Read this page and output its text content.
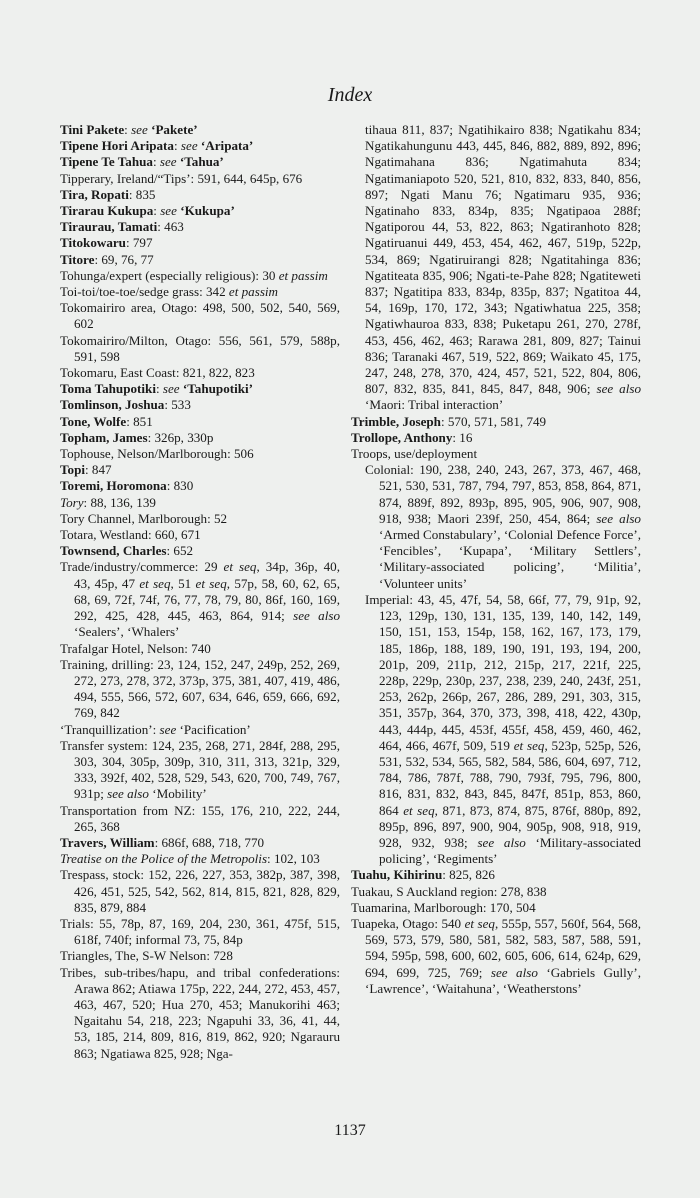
Index

Tini Pakete: see ‘Pakete’

Tipene Hori Aripata: see ‘Aripata’

Tipene Te Tahua: see ‘Tahua’

Tipperary, Ireland/“Tips’: 591, 644, 645p, 676

Tira, Ropati: 835

Tirarau Kukupa: see ‘Kukupa’

Tiraurau, Tamati: 463

Titokowaru: 797

Titore: 69, 76, 77

Tohunga/expert (especially religious): 30 et passim

Toi-toi/toe-toe/sedge grass: 342 et passim

Tokomairiro area, Otago: 498, 500, 502, 540, 569, 602

Tokomairiro/Milton, Otago: 556, 561, 579, 588p, 591, 598

Tokomaru, East Coast: 821, 822, 823

Toma Tahupotiki: see ‘Tahupotiki’

Tomlinson, Joshua: 533

Tone, Wolfe: 851

Topham, James: 326p, 330p

Tophouse, Nelson/Marlborough: 506

Topi: 847

Toremi, Horomona: 830

Tory: 88, 136, 139

Tory Channel, Marlborough: 52

Totara, Westland: 660, 671

Townsend, Charles: 652

Trade/industry/commerce: 29 et seq, 34p, 36p, 40, 43, 45p, 47 et seq, 51 et seq, 57p, 58, 60, 62, 65, 68, 69, 72f, 74f, 76, 77, 78, 79, 80, 86f, 160, 169, 292, 425, 428, 445, 463, 864, 914; see also ‘Sealers’, ‘Whalers’

Trafalgar Hotel, Nelson: 740

Training, drilling: 23, 124, 152, 247, 249p, 252, 269, 272, 273, 278, 372, 373p, 375, 381, 407, 419, 486, 494, 555, 566, 572, 607, 634, 646, 659, 666, 692, 769, 842

‘Tranquillization’: see ‘Pacification’

Transfer system: 124, 235, 268, 271, 284f, 288, 295, 303, 304, 305p, 309p, 310, 311, 313, 321p, 329, 333, 392f, 402, 528, 529, 543, 620, 700, 749, 767, 931p; see also ‘Mobility’

Transportation from NZ: 155, 176, 210, 222, 244, 265, 368

Travers, William: 686f, 688, 718, 770

Treatise on the Police of the Metropolis: 102, 103

Trespass, stock: 152, 226, 227, 353, 382p, 387, 398, 426, 451, 525, 542, 562, 814, 815, 821, 828, 829, 835, 879, 884

Trials: 55, 78p, 87, 169, 204, 230, 361, 475f, 515, 618f, 740f; informal 73, 75, 84p

Triangles, The, S-W Nelson: 728

Tribes, sub-tribes/hapu, and tribal confederations: Arawa 862; Atiawa 175p, 222, 244, 272, 453, 457, 463, 467, 520; Hua 270, 453; Manukorihi 463; Ngaitahu 54, 218, 223; Ngapuhi 33, 36, 41, 44, 53, 185, 214, 809, 816, 819, 862, 920; Ngarauru 863; Ngatiawa 825, 928; Nga-

tihaua 811, 837; Ngatihikairo 838; Ngatikahu 834; Ngatikahungunu 443, 445, 846, 882, 889, 892, 896; Ngatimahana 836; Ngatimahuta 834; Ngatimaniapoto 520, 521, 810, 832, 833, 840, 856, 897; Ngati Manu 76; Ngatimaru 935, 936; Ngatinaho 833, 834p, 835; Ngatipaoa 288f; Ngatiporou 44, 53, 822, 863; Ngatiranhoto 828; Ngatiruanui 449, 453, 454, 462, 467, 519p, 522p, 534, 869; Ngatiruirangi 828; Ngatitahinga 836; Ngatiteata 835, 906; Ngati-te-Pahe 828; Ngatiteweti 837; Ngatitipa 833, 834p, 835p, 837; Ngatitoa 44, 54, 169p, 170, 172, 343; Ngatiwhatua 225, 358; Ngatiwhauroa 833, 838; Puketapu 261, 270, 278f, 453, 456, 462, 463; Rarawa 281, 809, 827; Tainui 836; Taranaki 467, 519, 522, 869; Waikato 45, 175, 247, 248, 278, 370, 424, 457, 521, 522, 804, 806, 807, 832, 835, 841, 845, 847, 848, 906; see also ‘Maori: Tribal interaction’

Trimble, Joseph: 570, 571, 581, 749

Trollope, Anthony: 16

Troops, use/deployment

Colonial: 190, 238, 240, 243, 267, 373, 467, 468, 521, 530, 531, 787, 794, 797, 853, 858, 864, 871, 874, 889f, 892, 893p, 895, 905, 906, 907, 908, 918, 938; Maori 239f, 250, 454, 864; see also ‘Armed Constabulary’, ‘Colonial Defence Force’, ‘Fencibles’, ‘Kupapa’, ‘Military Settlers’, ‘Military-associated policing’, ‘Militia’, ‘Volunteer units’

Imperial: 43, 45, 47f, 54, 58, 66f, 77, 79, 91p, 92, 123, 129p, 130, 131, 135, 139, 140, 142, 149, 150, 151, 153, 154p, 158, 162, 167, 173, 179, 185, 186p, 188, 189, 190, 191, 193, 194, 200, 201p, 209, 211p, 212, 215p, 217, 221f, 225, 228p, 229p, 230p, 237, 238, 239, 240, 243f, 251, 253, 262p, 266p, 267, 286, 289, 291, 303, 315, 351, 357p, 364, 370, 373, 398, 418, 422, 430p, 443, 444p, 445, 453f, 455f, 458, 459, 460, 462, 464, 466, 467f, 509, 519 et seq, 523p, 525p, 526, 531, 532, 534, 565, 582, 584, 586, 604, 697, 712, 784, 786, 787f, 788, 790, 793f, 795, 796, 800, 816, 831, 832, 843, 845, 847f, 851p, 853, 860, 864 et seq, 871, 873, 874, 875, 876f, 880p, 892, 895p, 896, 897, 900, 904, 905p, 908, 918, 919, 928, 932, 938; see also ‘Military-associated policing’, ‘Regiments’

Tuahu, Kihirinu: 825, 826

Tuakau, S Auckland region: 278, 838

Tuamarina, Marlborough: 170, 504

Tuapeka, Otago: 540 et seq, 555p, 557, 560f, 564, 568, 569, 573, 579, 580, 581, 582, 583, 587, 588, 591, 594, 595p, 598, 600, 602, 605, 606, 614, 624p, 629, 694, 699, 725, 769; see also ‘Gabriels Gully’, ‘Lawrence’, ‘Waitahuna’, ‘Weatherstons’

1137
